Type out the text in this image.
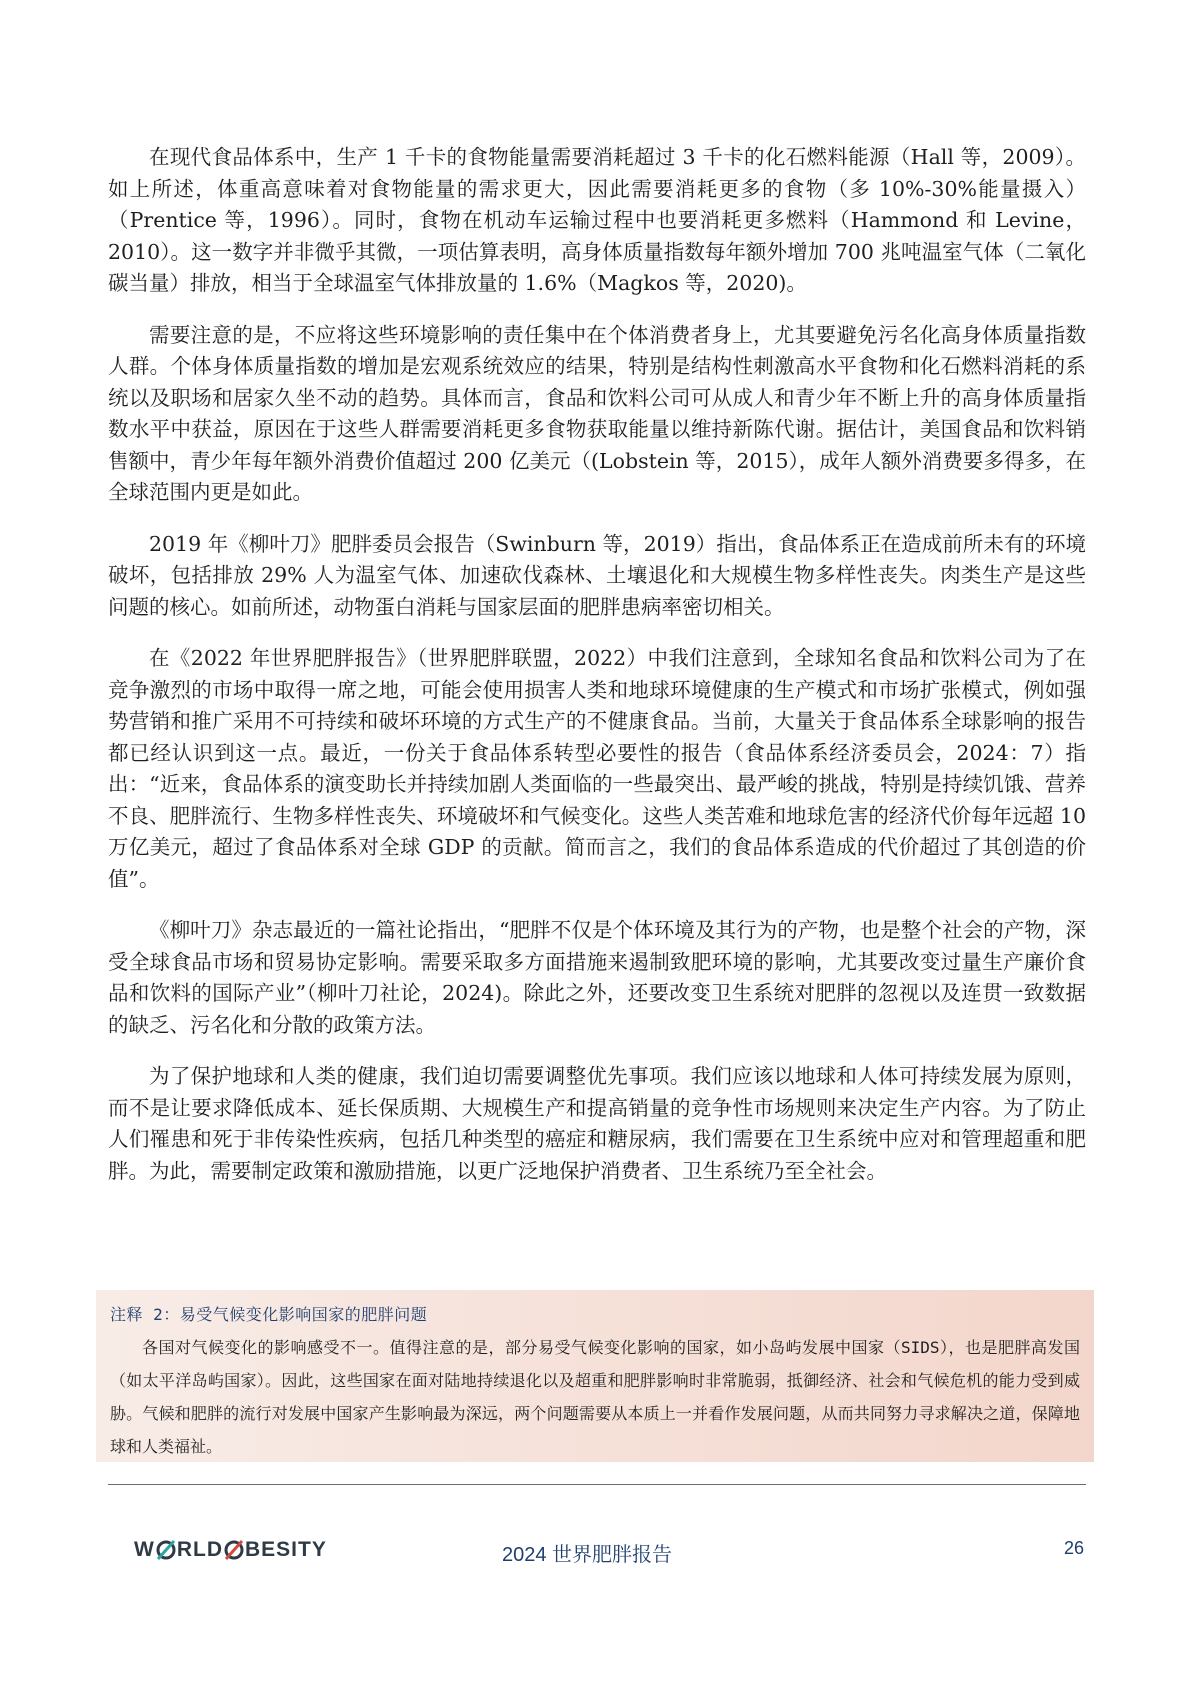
在现代食品体系中，生产 1 千卡的食物能量需要消耗超过 3 千卡的化石燃料能源（Hall 等，2009）。如上所述，体重高意味着对食物能量的需求更大，因此需要消耗更多的食物（多 10%-30%能量摄入）（Prentice 等，1996）。同时，食物在机动车运输过程中也要消耗更多燃料（Hammond 和 Levine，2010）。这一数字并非微乎其微，一项估算表明，高身体质量指数每年额外增加 700 兆吨温室气体（二氧化碳当量）排放，相当于全球温室气体排放量的 1.6%（Magkos 等，2020)。

需要注意的是，不应将这些环境影响的责任集中在个体消费者身上，尤其要避免污名化高身体质量指数人群。个体身体质量指数的增加是宏观系统效应的结果，特别是结构性刺激高水平食物和化石燃料消耗的系统以及职场和居家久坐不动的趋势。具体而言，食品和饮料公司可从成人和青少年不断上升的高身体质量指数水平中获益，原因在于这些人群需要消耗更多食物获取能量以维持新陈代谢。据估计，美国食品和饮料销售额中，青少年每年额外消费价值超过 200 亿美元（(Lobstein 等，2015），成年人额外消费要多得多，在全球范围内更是如此。

2019 年《柳叶刀》肥胖委员会报告（Swinburn 等，2019）指出，食品体系正在造成前所未有的环境破坏，包括排放 29% 人为温室气体、加速砍伐森林、土壤退化和大规模生物多样性丧失。肉类生产是这些问题的核心。如前所述，动物蛋白消耗与国家层面的肥胖患病率密切相关。

在《2022 年世界肥胖报告》（世界肥胖联盟，2022）中我们注意到，全球知名食品和饮料公司为了在竞争激烈的市场中取得一席之地，可能会使用损害人类和地球环境健康的生产模式和市场扩张模式，例如强势营销和推广采用不可持续和破坏环境的方式生产的不健康食品。当前，大量关于食品体系全球影响的报告都已经认识到这一点。最近，一份关于食品体系转型必要性的报告（食品体系经济委员会，2024：7）指出：“近来，食品体系的演变助长并持续加剧人类面临的一些最突出、最严峻的挑战，特别是持续饥饿、营养不良、肥胖流行、生物多样性丧失、环境破坏和气候变化。这些人类苦难和地球危害的经济代价每年远超 10 万亿美元，超过了食品体系对全球 GDP 的贡献。简而言之，我们的食品体系造成的代价超过了其创造的价值”。

《柳叶刀》杂志最近的一篇社论指出，“肥胖不仅是个体环境及其行为的产物，也是整个社会的产物，深受全球食品市场和贸易协定影响。需要采取多方面措施来遏制致肥环境的影响，尤其要改变过量生产廉价食品和饮料的国际产业”（柳叶刀社论，2024)。除此之外，还要改变卫生系统对肥胖的忽视以及连贯一致数据的缺乏、污名化和分散的政策方法。

为了保护地球和人类的健康，我们迫切需要调整优先事项。我们应该以地球和人体可持续发展为原则，而不是让要求降低成本、延长保质期、大规模生产和提高销量的竞争性市场规则来决定生产内容。为了防止人们罹患和死于非传染性疾病，包括几种类型的癌症和糖尿病，我们需要在卫生系统中应对和管理超重和肥胖。为此，需要制定政策和激励措施，以更广泛地保护消费者、卫生系统乃至全社会。

注释 2：易受气候变化影响国家的肥胖问题

各国对气候变化的影响感受不一。值得注意的是，部分易受气候变化影响的国家，如小岛屿发展中国家（SIDS），也是肥胖高发国（如太平洋岛屿国家）。因此，这些国家在面对陆地持续退化以及超重和肥胖影响时非常脆弱，抵御经济、社会和气候危机的能力受到威胁。气候和肥胖的流行对发展中国家产生影响最为深远，两个问题需要从本质上一并看作发展问题，从而共同努力寻求解决之道，保障地球和人类福祉。

W RLD BESITY	2024 世界肥胖报告	26
